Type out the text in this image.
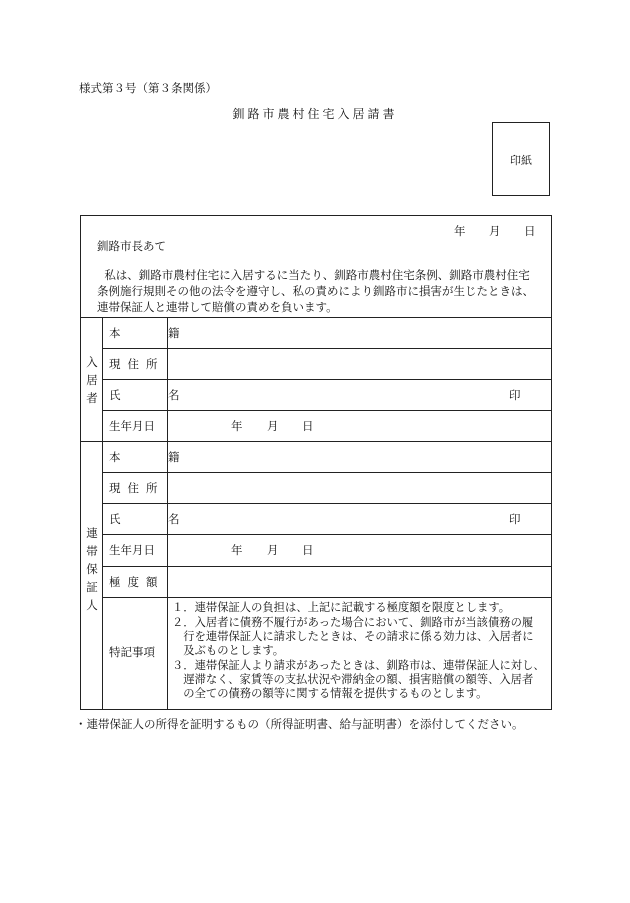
様式第３号（第３条関係）
釧路市農村住宅入居請書
印紙
年 月 日
釧路市長あて
私は、釧路市農村住宅に入居するに当たり、釧路市農村住宅条例、釧路市農村住宅
条例施行規則その他の法令を遵守し、私の責めにより釧路市に損害が生じたときは、
連帯保証人と連帯して賠償の責めを負います。
入居者
本　籍
現住所
氏　名	印
生年月日	年 月 日
連帯保証人
本　籍
現住所
氏　名	印
生年月日	年 月 日
極度額
特記事項
１．連帯保証人の負担は、上記に記載する極度額を限度とします。
２．入居者に債務不履行があった場合において、釧路市が当該債務の履
　行を連帯保証人に請求したときは、その請求に係る効力は、入居者に
　及ぶものとします。
３．連帯保証人より請求があったときは、釧路市は、連帯保証人に対し、
　遅滞なく、家賃等の支払状況や滞納金の額、損害賠償の額等、入居者
　の全ての債務の額等に関する情報を提供するものとします。
・連帯保証人の所得を証明するもの（所得証明書、給与証明書）を添付してください。
